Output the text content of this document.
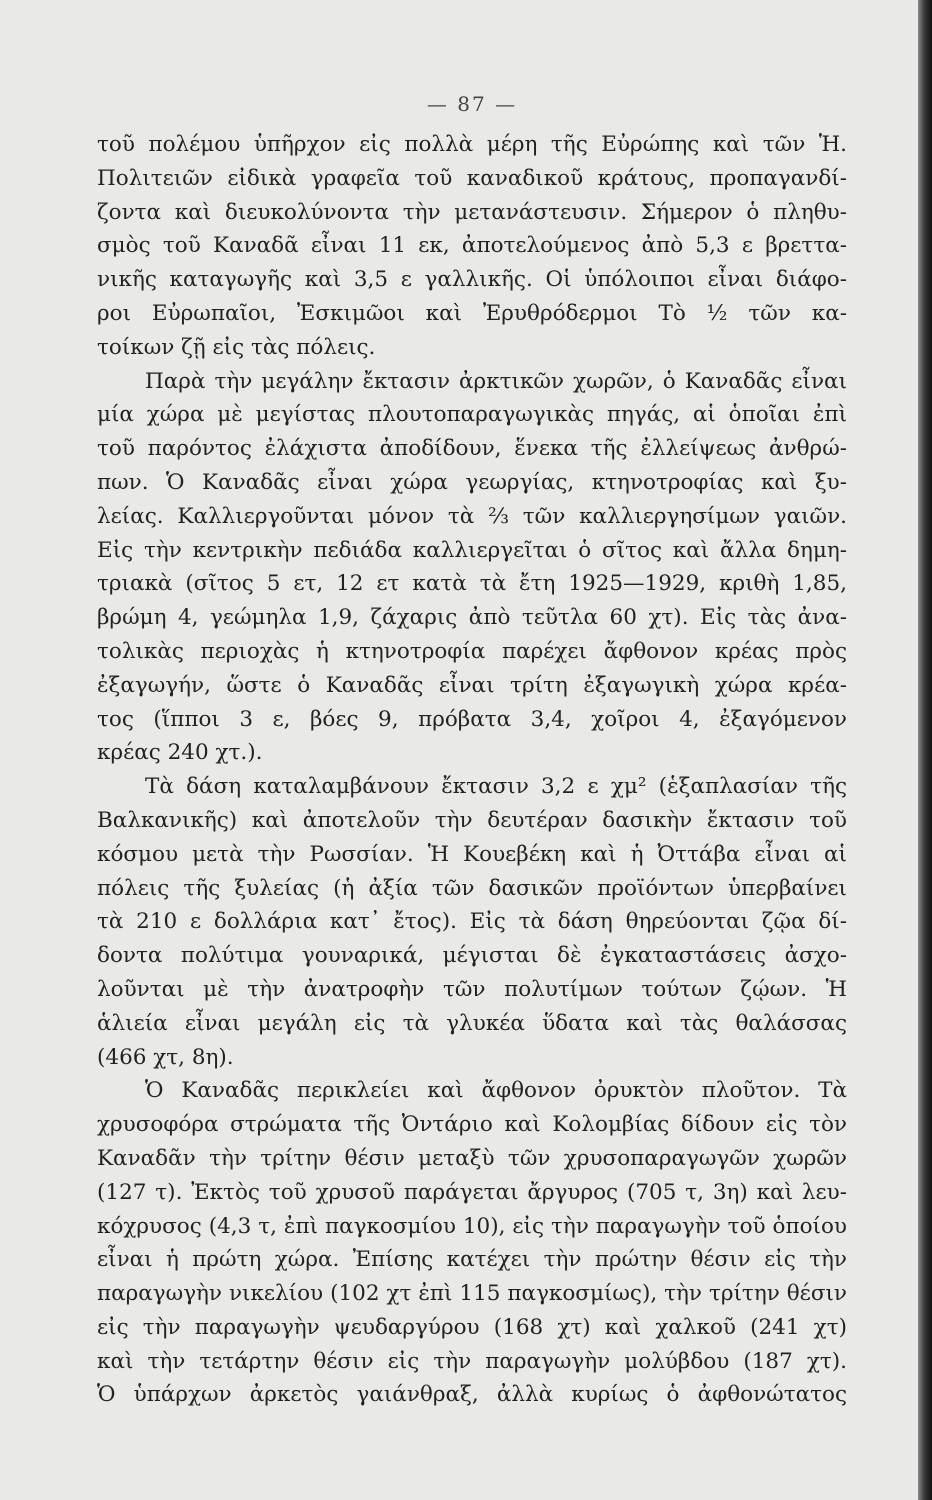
— 87 —
τοῦ πολέμου ὑπῆρχον εἰς πολλὰ μέρη τῆς Εὐρώπης καὶ τῶν Ἡ.
Πολιτειῶν εἰδικὰ γραφεῖα τοῦ καναδικοῦ κράτους, προπαγανδί-
ζοντα καὶ διευκολύνοντα τὴν μετανάστευσιν. Σήμερον ὁ πληθυ-
σμὸς τοῦ Καναδᾶ εἶναι 11 εκ, ἀποτελούμενος ἀπὸ 5,3 ε βρεττα-
νικῆς καταγωγῆς καὶ 3,5 ε γαλλικῆς. Οἱ ὑπόλοιποι εἶναι διάφο-
ροι Εὐρωπαῖοι, Ἐσκιμῶοι καὶ Ἐρυθρόδερμοι Τὸ ½ τῶν κα-
τοίκων ζῇ εἰς τὰς πόλεις.
Παρὰ τὴν μεγάλην ἔκτασιν ἀρκτικῶν χωρῶν, ὁ Καναδᾶς εἶναι
μία χώρα μὲ μεγίστας πλουτοπαραγωγικὰς πηγάς, αἱ ὁποῖαι ἐπὶ
τοῦ παρόντος ἐλάχιστα ἀποδίδουν, ἕνεκα τῆς ἐλλείψεως ἀνθρώ-
πων. Ὁ Καναδᾶς εἶναι χώρα γεωργίας, κτηνοτροφίας καὶ ξυ-
λείας. Καλλιεργοῦνται μόνον τὰ ⅔ τῶν καλλιεργησίμων γαιῶν.
Εἰς τὴν κεντρικὴν πεδιάδα καλλιεργεῖται ὁ σῖτος καὶ ἄλλα δημη-
τριακὰ (σῖτος 5 ετ, 12 ετ κατὰ τὰ ἔτη 1925—1929, κριθὴ 1,85,
βρώμη 4, γεώμηλα 1,9, ζάχαρις ἀπὸ τεῦτλα 60 χτ). Εἰς τὰς ἀνα-
τολικὰς περιοχὰς ἡ κτηνοτροφία παρέχει ἄφθονον κρέας πρὸς
ἐξαγωγήν, ὥστε ὁ Καναδᾶς εἶναι τρίτη ἐξαγωγικὴ χώρα κρέα-
τος (ἵπποι 3 ε, βόες 9, πρόβατα 3,4, χοῖροι 4, ἐξαγόμενον
κρέας 240 χτ.).
Τὰ δάση καταλαμβάνουν ἔκτασιν 3,2 ε χμ² (ἑξαπλασίαν τῆς
Βαλκανικῆς) καὶ ἀποτελοῦν τὴν δευτέραν δασικὴν ἔκτασιν τοῦ
κόσμου μετὰ τὴν Ρωσσίαν. Ἡ Κουεβέκη καὶ ἡ Ὀττάβα εἶναι αἱ
πόλεις τῆς ξυλείας (ἡ ἀξία τῶν δασικῶν προϊόντων ὑπερβαίνει
τὰ 210 ε δολλάρια κατ᾽ ἔτος). Εἰς τὰ δάση θηρεύονται ζῷα δί-
δοντα πολύτιμα γουναρικά, μέγισται δὲ ἐγκαταστάσεις ἀσχο-
λοῦνται μὲ τὴν ἀνατροφὴν τῶν πολυτίμων τούτων ζῴων. Ἡ
ἁλιεία εἶναι μεγάλη εἰς τὰ γλυκέα ὕδατα καὶ τὰς θαλάσσας
(466 χτ, 8η).
Ὁ Καναδᾶς περικλείει καὶ ἄφθονον ὀρυκτὸν πλοῦτον. Τὰ
χρυσοφόρα στρώματα τῆς Ὀντάριο καὶ Κολομβίας δίδουν εἰς τὸν
Καναδᾶν τὴν τρίτην θέσιν μεταξὺ τῶν χρυσοπαραγωγῶν χωρῶν
(127 τ). Ἐκτὸς τοῦ χρυσοῦ παράγεται ἄργυρος (705 τ, 3η) καὶ λευ-
κόχρυσος (4,3 τ, ἐπὶ παγκοσμίου 10), εἰς τὴν παραγωγὴν τοῦ ὁποίου
εἶναι ἡ πρώτη χώρα. Ἐπίσης κατέχει τὴν πρώτην θέσιν εἰς τὴν
παραγωγὴν νικελίου (102 χτ ἐπὶ 115 παγκοσμίως), τὴν τρίτην θέσιν
εἰς τὴν παραγωγὴν ψευδαργύρου (168 χτ) καὶ χαλκοῦ (241 χτ)
καὶ τὴν τετάρτην θέσιν εἰς τὴν παραγωγὴν μολύβδου (187 χτ).
Ὁ ὑπάρχων ἀρκετὸς γαιάνθραξ, ἀλλὰ κυρίως ὁ ἀφθονώτατος
